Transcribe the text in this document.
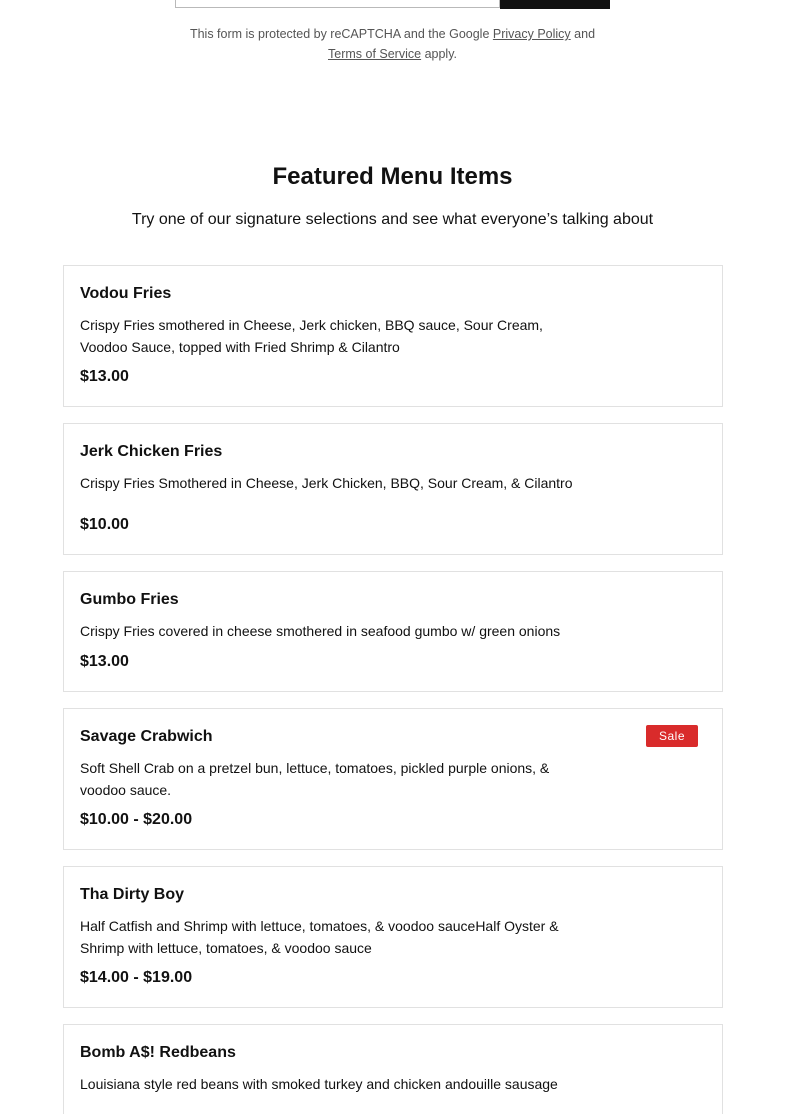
This form is protected by reCAPTCHA and the Google Privacy Policy and
Terms of Service apply.
Featured Menu Items

Try one of our signature selections and see what everyone’s talking about

Vodou Fries
Crispy Fries smothered in Cheese, Jerk chicken, BBQ sauce, Sour Cream, Voodoo Sauce, topped with Fried Shrimp & Cilantro
$13.00
Jerk Chicken Fries
Crispy Fries Smothered in Cheese, Jerk Chicken, BBQ, Sour Cream, & Cilantro
$10.00
Gumbo Fries
Crispy Fries covered in cheese smothered in seafood gumbo w/ green onions
$13.00
Savage Crabwich
Soft Shell Crab on a pretzel bun, lettuce, tomatoes, pickled purple onions, & voodoo sauce.
$10.00 - $20.00
Sale
Tha Dirty Boy
Half Catfish and Shrimp with lettuce, tomatoes, & voodoo sauceHalf Oyster & Shrimp with lettuce, tomatoes, & voodoo sauce
$14.00 - $19.00
Bomb A$! Redbeans
Louisiana style red beans with smoked turkey and chicken andouille sausage
